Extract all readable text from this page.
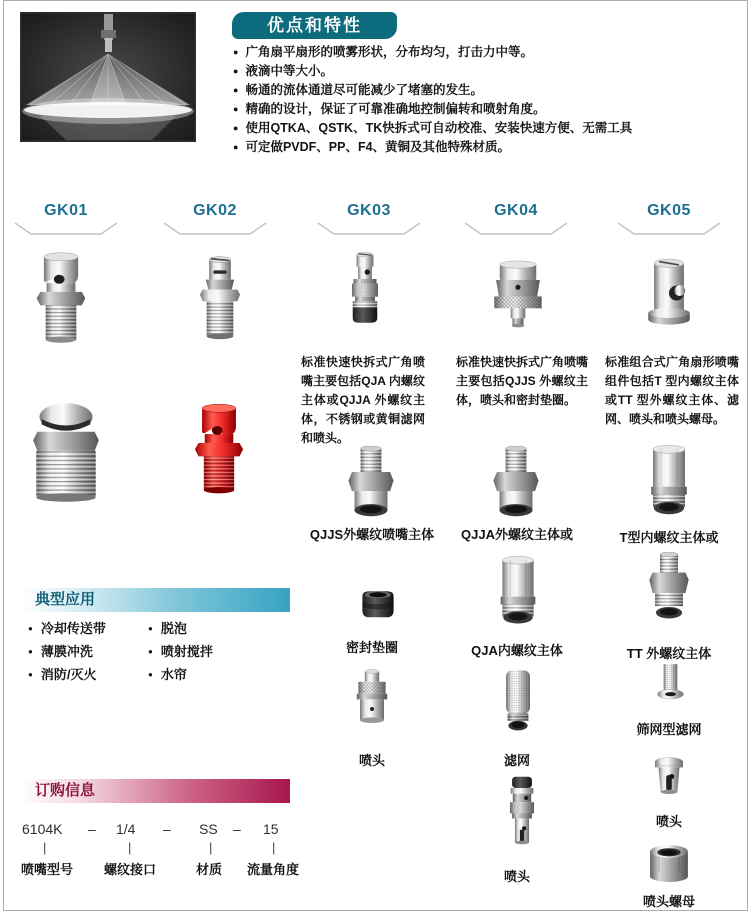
优点和特性
● 广角扇平扇形的喷雾形状，分布均匀，打击力中等。
● 液滴中等大小。
● 畅通的流体通道尽可能减少了堵塞的发生。
● 精确的设计，保证了可靠准确地控制偏转和喷射角度。
● 使用QTKA、QSTK、TK快拆式可自动校准、安装快速方便、无需工具
● 可定做PVDF、PP、F4、黄铜及其他特殊材质。
GK01	GK02	GK03	GK04	GK05
标准快速快拆式广角喷嘴主要包括QJA 内螺纹主体或QJJA 外螺纹主体，不锈钢或黄铜滤网和喷头。
QJJS外螺纹喷嘴主体
密封垫圈
喷头
标准快速快拆式广角喷嘴主要包括QJJS 外螺纹主体，喷头和密封垫圈。
QJJA外螺纹主体或
QJA内螺纹主体
滤网
喷头
标准组合式广角扇形喷嘴组件包括T 型内螺纹主体或TT 型外螺纹主体、滤网、喷头和喷头螺母。
T型内螺纹主体或
TT 外螺纹主体
筛网型滤网
喷头
喷头螺母
典型应用
● 冷却传送带
● 薄膜冲洗
● 消防/灭火
● 脱泡
● 喷射搅拌
● 水帘
订购信息
6104K – 1/4 – SS – 15
|	|	|	|
喷嘴型号 螺纹接口	材质 流量角度
